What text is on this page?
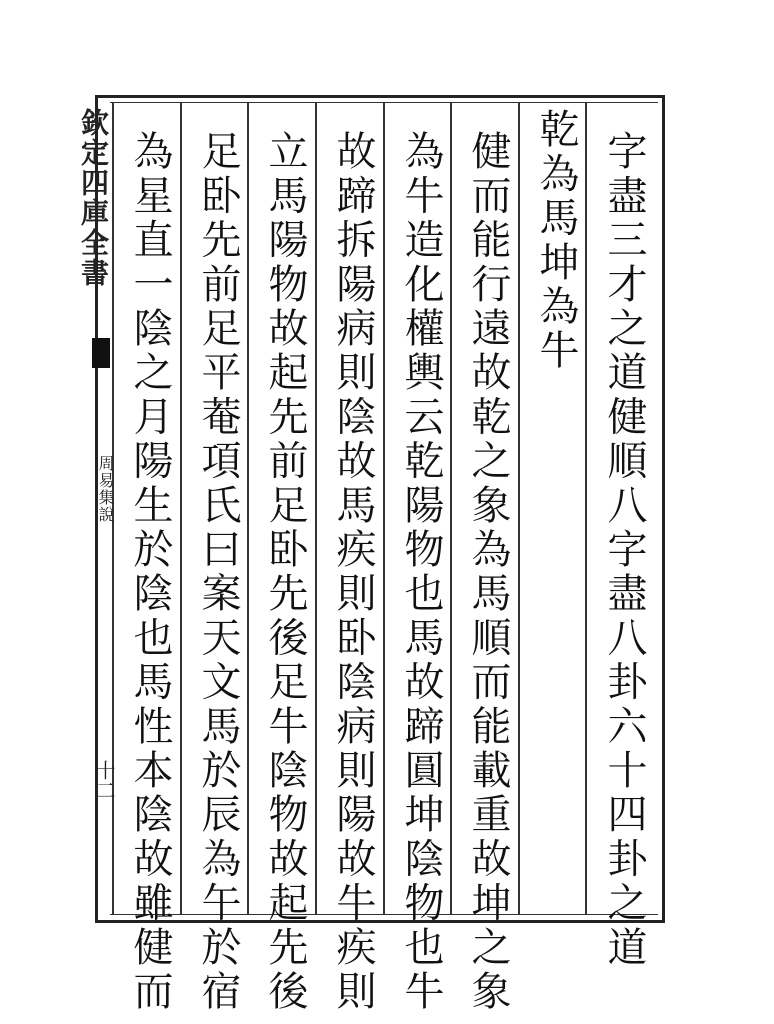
欽定四庫全書
周易集說
十二	字盡三才之道健順八字盡八卦六十四卦之道
乾為馬坤為牛
健而能行遠故乾之象為馬順而能載重故坤之象
為牛造化權輿云乾陽物也馬故蹄圓坤陰物也牛
故蹄拆陽病則陰故馬疾則卧陰病則陽故牛疾則
立馬陽物故起先前足卧先後足牛陰物故起先後
足卧先前足平菴項氏曰案天文馬於辰為午於宿
為星直一陰之月陽生於陰也馬性本陰故雖健而
